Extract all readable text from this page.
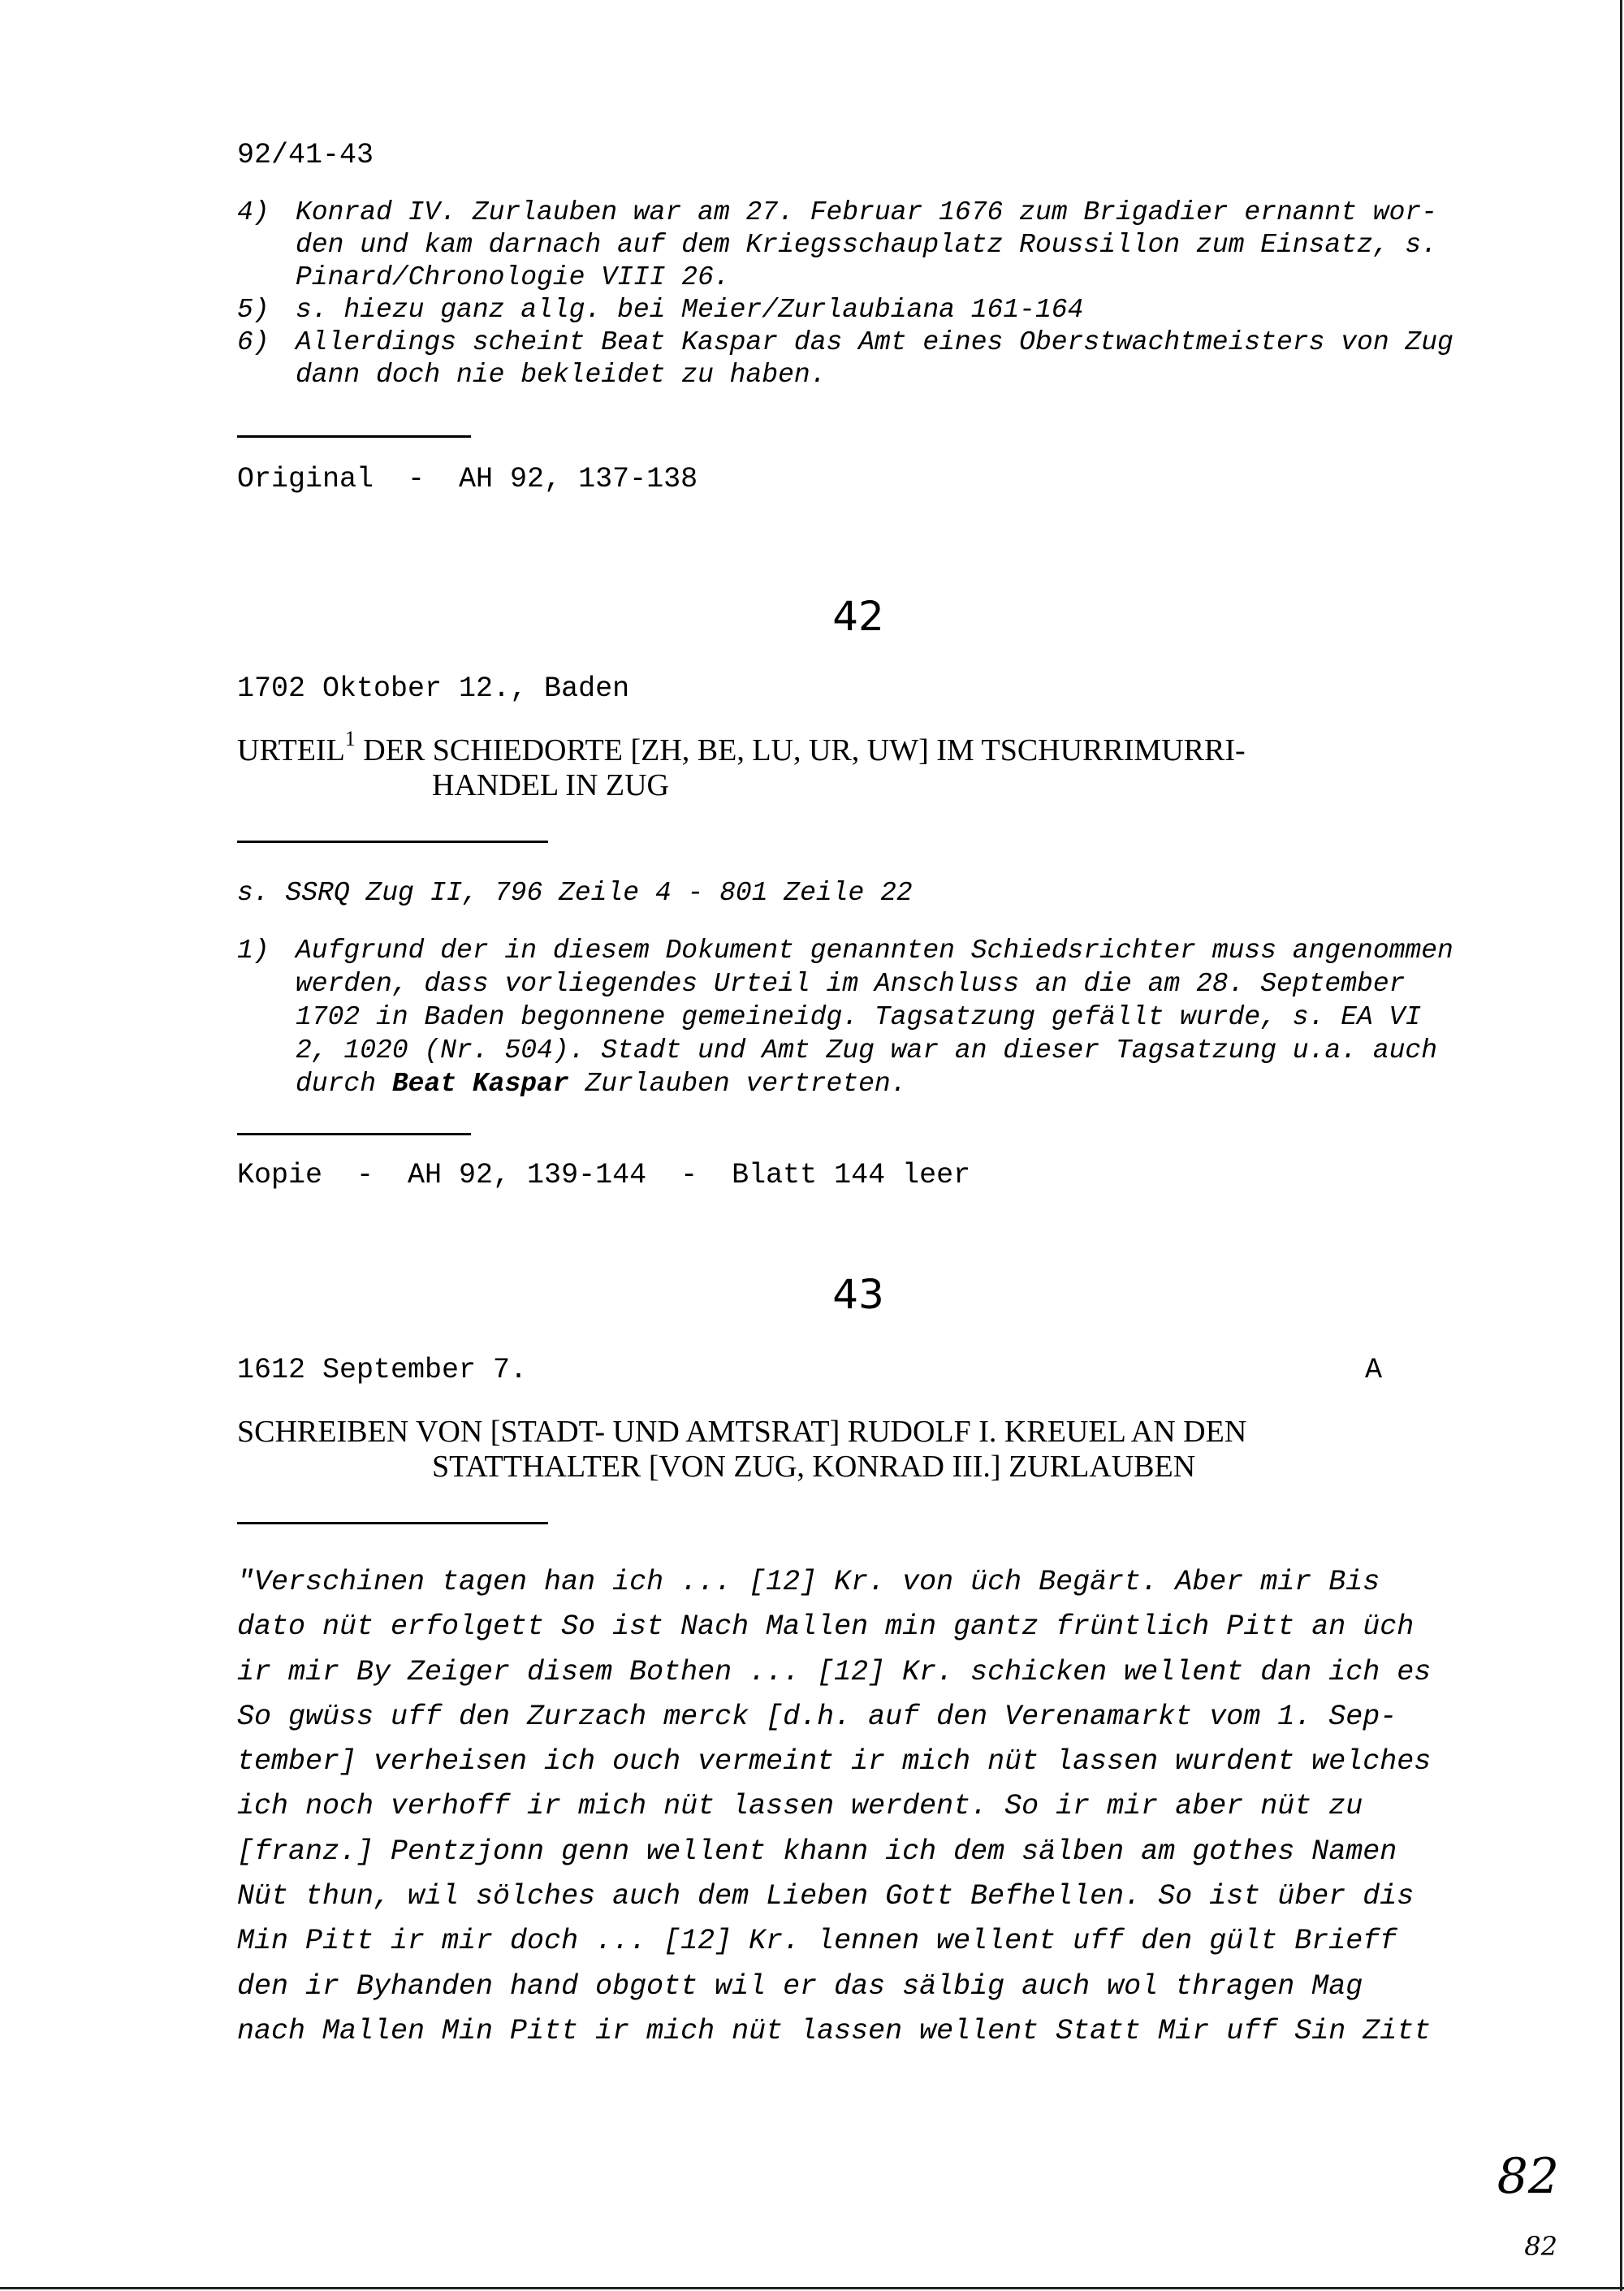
92/41-43
4) Konrad IV. Zurlauben war am 27. Februar 1676 zum Brigadier ernannt wor-
den und kam darnach auf dem Kriegsschauplatz Roussillon zum Einsatz, s.
Pinard/Chronologie VIII 26.
5) s. hiezu ganz allg. bei Meier/Zurlaubiana 161-164
6) Allerdings scheint Beat Kaspar das Amt eines Oberstwachtmeisters von Zug
dann doch nie bekleidet zu haben.
Original  -  AH 92, 137-138
42
1702 Oktober 12., Baden
URTEIL$^1$ DER SCHIEDORTE [ZH, BE, LU, UR, UW] IM TSCHURRIMURRI-
HANDEL IN ZUG
s. SSRQ Zug II, 796 Zeile 4 - 801 Zeile 22
1) Aufgrund der in diesem Dokument genannten Schiedsrichter muss angenommen
werden, dass vorliegendes Urteil im Anschluss an die am 28. September
1702 in Baden begonnene gemeineidg. Tagsatzung gefällt wurde, s. EA VI
2, 1020 (Nr. 504). Stadt und Amt Zug war an dieser Tagsatzung u.a. auch
durch Beat Kaspar Zurlauben vertreten.
Kopie  -  AH 92, 139-144  -  Blatt 144 leer
43
1612 September 7.	A
SCHREIBEN VON [STADT- UND AMTSRAT] RUDOLF I. KREUEL AN DEN
STATTHALTER [VON ZUG, KONRAD III.] ZURLAUBEN
"Verschinen tagen han ich ... [12] Kr. von üch Begärt. Aber mir Bis
dato nüt erfolgett So ist Nach Mallen min gantz früntlich Pitt an üch
ir mir By Zeiger disem Bothen ... [12] Kr. schicken wellent dan ich es
So gwüss uff den Zurzach merck [d.h. auf den Verenamarkt vom 1. Sep-
tember] verheisen ich ouch vermeint ir mich nüt lassen wurdent welches
ich noch verhoff ir mich nüt lassen werdent. So ir mir aber nüt zu
[franz.] Pentzjonn genn wellent khann ich dem sälben am gothes Namen
Nüt thun, wil sölches auch dem Lieben Gott Befhellen. So ist über dis
Min Pitt ir mir doch ... [12] Kr. lennen wellent uff den gült Brieff
den ir Byhanden hand obgott wil er das sälbig auch wol thragen Mag
nach Mallen Min Pitt ir mich nüt lassen wellent Statt Mir uff Sin Zitt
82
82
